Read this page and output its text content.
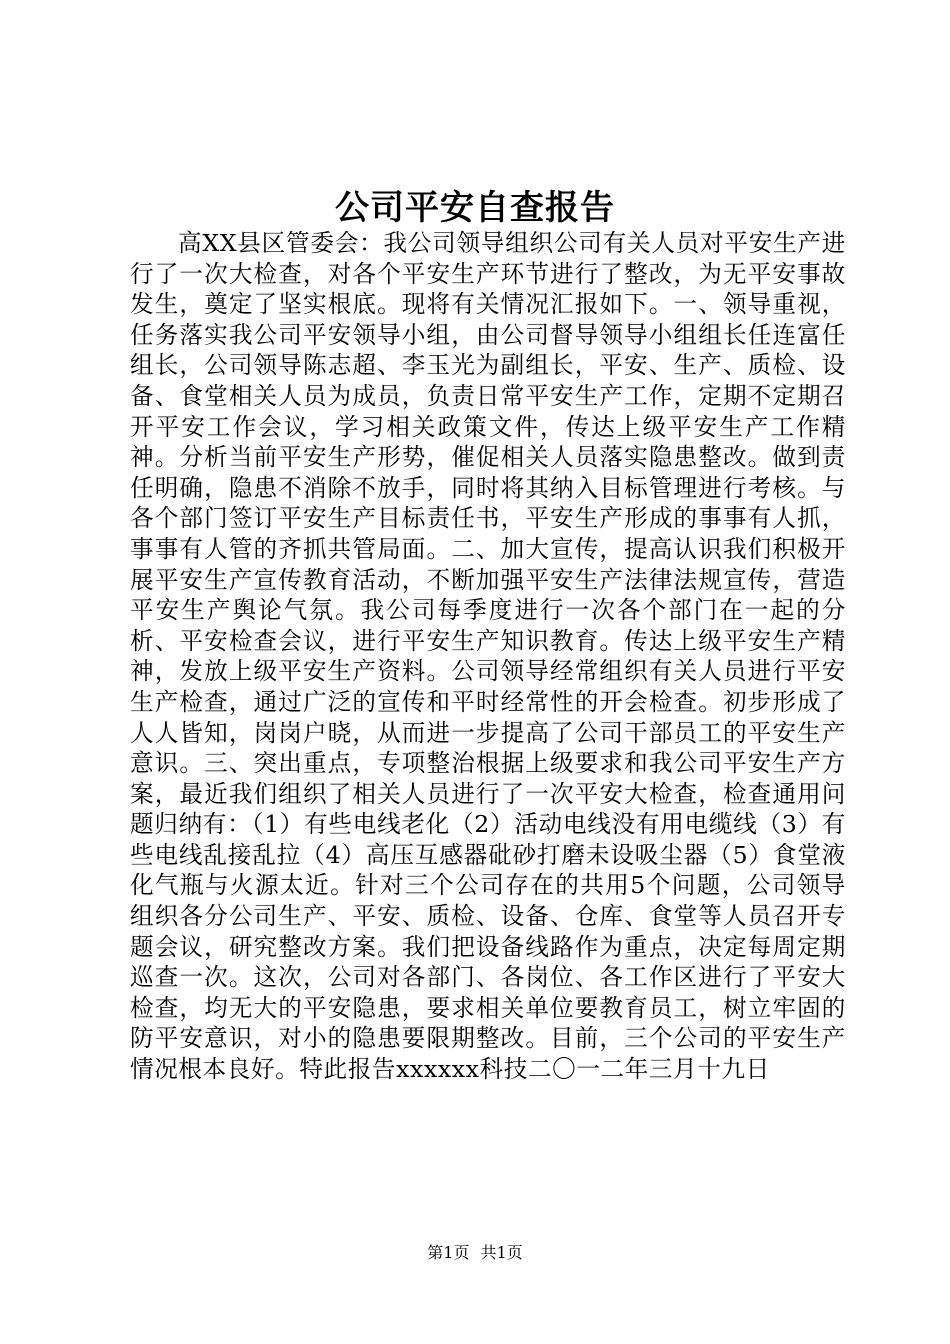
公司平安自查报告

高XX县区管委会：我公司领导组织公司有关人员对平安生产进行了一次大检查，对各个平安生产环节进行了整改，为无平安事故发生，奠定了坚实根底。现将有关情况汇报如下。一、领导重视，任务落实我公司平安领导小组，由公司督导领导小组组长任连富任组长，公司领导陈志超、李玉光为副组长，平安、生产、质检、设备、食堂相关人员为成员，负责日常平安生产工作，定期不定期召开平安工作会议，学习相关政策文件，传达上级平安生产工作精神。分析当前平安生产形势，催促相关人员落实隐患整改。做到责任明确，隐患不消除不放手，同时将其纳入目标管理进行考核。与各个部门签订平安生产目标责任书，平安生产形成的事事有人抓，事事有人管的齐抓共管局面。二、加大宣传，提高认识我们积极开展平安生产宣传教育活动，不断加强平安生产法律法规宣传，营造平安生产舆论气氛。我公司每季度进行一次各个部门在一起的分析、平安检查会议，进行平安生产知识教育。传达上级平安生产精神，发放上级平安生产资料。公司领导经常组织有关人员进行平安生产检查，通过广泛的宣传和平时经常性的开会检查。初步形成了人人皆知，岗岗户晓，从而进一步提高了公司干部员工的平安生产意识。三、突出重点，专项整治根据上级要求和我公司平安生产方案，最近我们组织了相关人员进行了一次平安大检查，检查通用问题归纳有：（1）有些电线老化（2）活动电线没有用电缆线（3）有些电线乱接乱拉（4）高压互感器砒砂打磨未设吸尘器（5）食堂液化气瓶与火源太近。针对三个公司存在的共用5个问题，公司领导组织各分公司生产、平安、质检、设备、仓库、食堂等人员召开专题会议，研究整改方案。我们把设备线路作为重点，决定每周定期巡查一次。这次，公司对各部门、各岗位、各工作区进行了平安大检查，均无大的平安隐患，要求相关单位要教育员工，树立牢固的防平安意识，对小的隐患要限期整改。目前，三个公司的平安生产情况根本良好。特此报告xxxxxx科技二〇一二年三月十九日

第1页 共1页
